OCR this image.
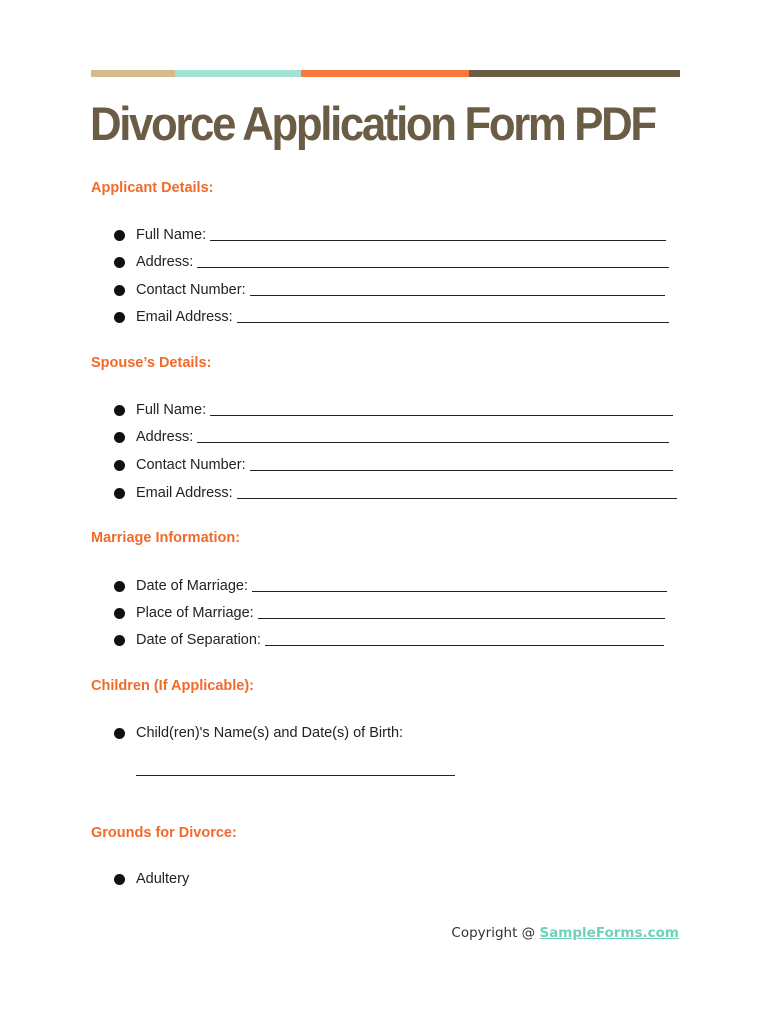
Divorce Application Form PDF
Applicant Details:
Full Name:
Address:
Contact Number:
Email Address:
Spouse’s Details:
Full Name:
Address:
Contact Number:
Email Address:
Marriage Information:
Date of Marriage:
Place of Marriage:
Date of Separation:
Children (If Applicable):
Child(ren)'s Name(s) and Date(s) of Birth:
Grounds for Divorce:
Adultery
Copyright @ SampleForms.com
